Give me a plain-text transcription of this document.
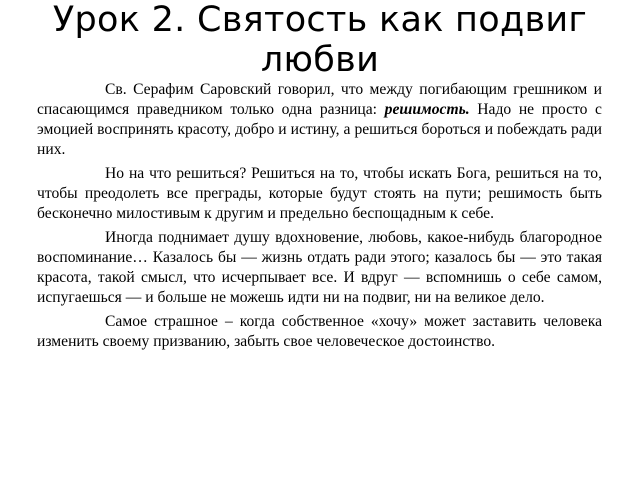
Урок 2. Святость как подвиг любви

Св. Серафим Саровский говорил, что между погибающим грешником и спасающимся праведником только одна разница: решимость. Надо не просто с эмоцией воспринять красоту, добро и истину, а решиться бороться и побеждать ради них.

Но на что решиться? Решиться на то, чтобы искать Бога, решиться на то, чтобы преодолеть все преграды, которые будут стоять на пути; решимость быть бесконечно милостивым к другим и предельно беспощадным к себе.

Иногда поднимает душу вдохновение, любовь, какое-нибудь благородное воспоминание… Казалось бы — жизнь отдать ради этого; казалось бы — это такая красота, такой смысл, что исчерпывает все. И вдруг — вспомнишь о себе самом, испугаешься — и больше не можешь идти ни на подвиг, ни на великое дело.

Самое страшное – когда собственное «хочу» может заставить человека изменить своему призванию, забыть свое человеческое достоинство.
